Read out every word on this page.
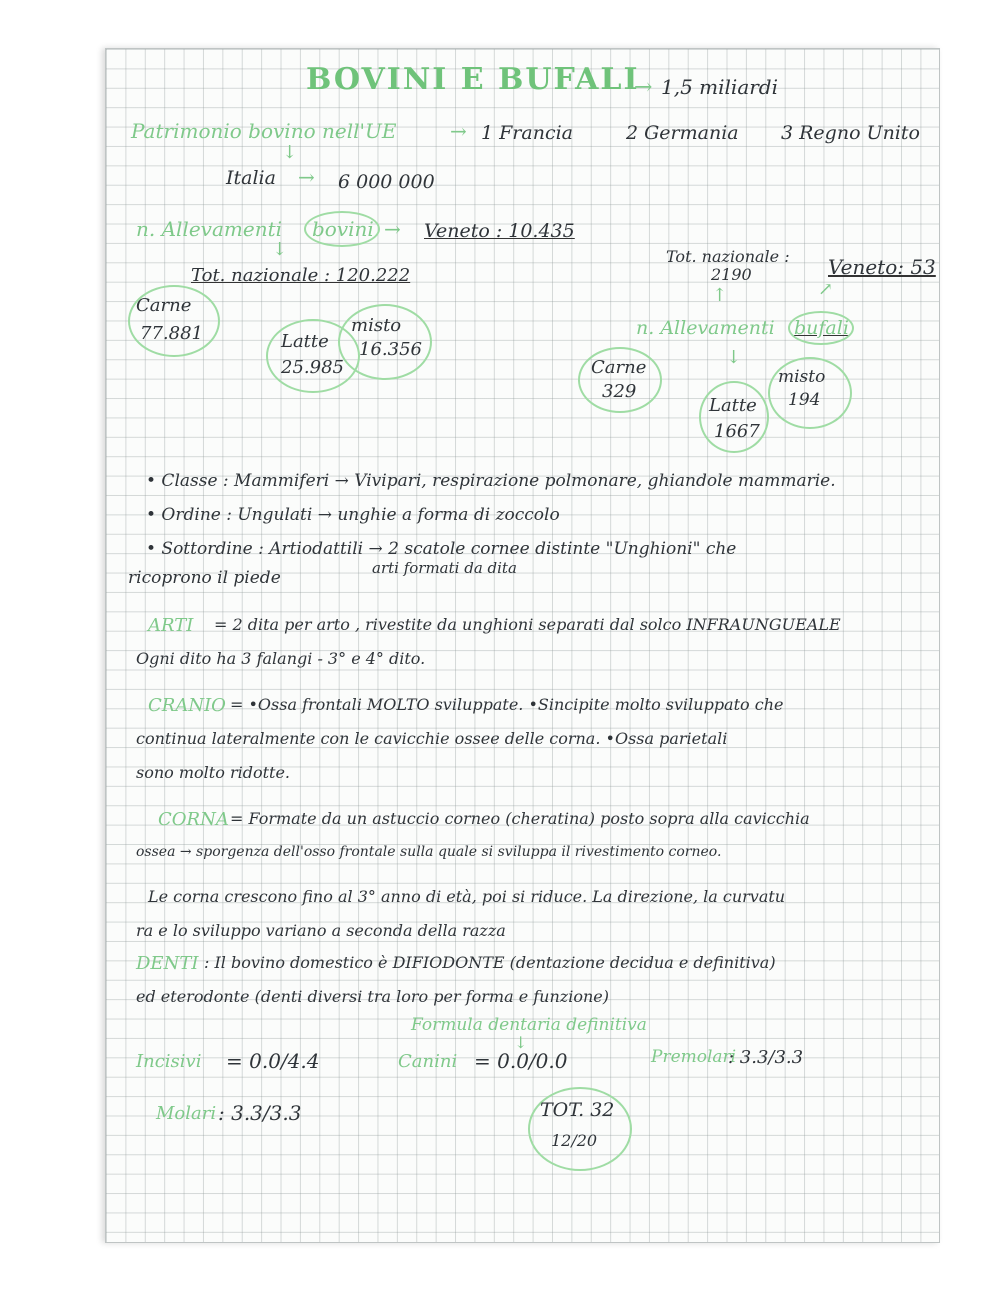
BOVINI E BUFALI
→ 1,5 miliardi
Patrimonio bovino nell'UE	→ 1 Francia	2 Germania 3 Regno Unito
↓
Italia → 6 000 000
n. Allevamenti bovini → Veneto : 10.435
↓
Tot. nazionale : 120.222
Carne
77.881	Latte
25.985
misto
16.356
Tot. nazionale :
2190	Veneto: 53
↑	↗
n. Allevamenti bufali
Carne
329
↓
Latte
1667
misto
194
• Classe : Mammiferi → Vivipari, respirazione polmonare, ghiandole mammarie.
• Ordine : Ungulati → unghie a forma di zoccolo
• Sottordine : Artiodattili → 2 scatole cornee distinte "Unghioni" che
ricoprono il piede	arti formati da dita
ARTI = 2 dita per arto , rivestite da unghioni separati dal solco INFRAUNGUEALE
Ogni dito ha 3 falangi - 3° e 4° dito.
CRANIO = •Ossa frontali MOLTO sviluppate. •Sincipite molto sviluppato che
continua lateralmente con le cavicchie ossee delle corna. •Ossa parietali
sono molto ridotte.
CORNA = Formate da un astuccio corneo (cheratina) posto sopra alla cavicchia
ossea → sporgenza dell'osso frontale sulla quale si sviluppa il rivestimento corneo.
Le corna crescono fino al 3° anno di età, poi si riduce. La direzione, la curvatu
ra e lo sviluppo variano a seconda della razza
DENTI : Il bovino domestico è DIFIODONTE (dentazione decidua e definitiva)
ed eterodonte (denti diversi tra loro per forma e funzione)
Formula dentaria definitiva
↓
Incisivi = 0.0/4.4	Canini = 0.0/0.0	Premolari
: 3.3/3.3
Molari : 3.3/3.3	TOT. 32
12/20
